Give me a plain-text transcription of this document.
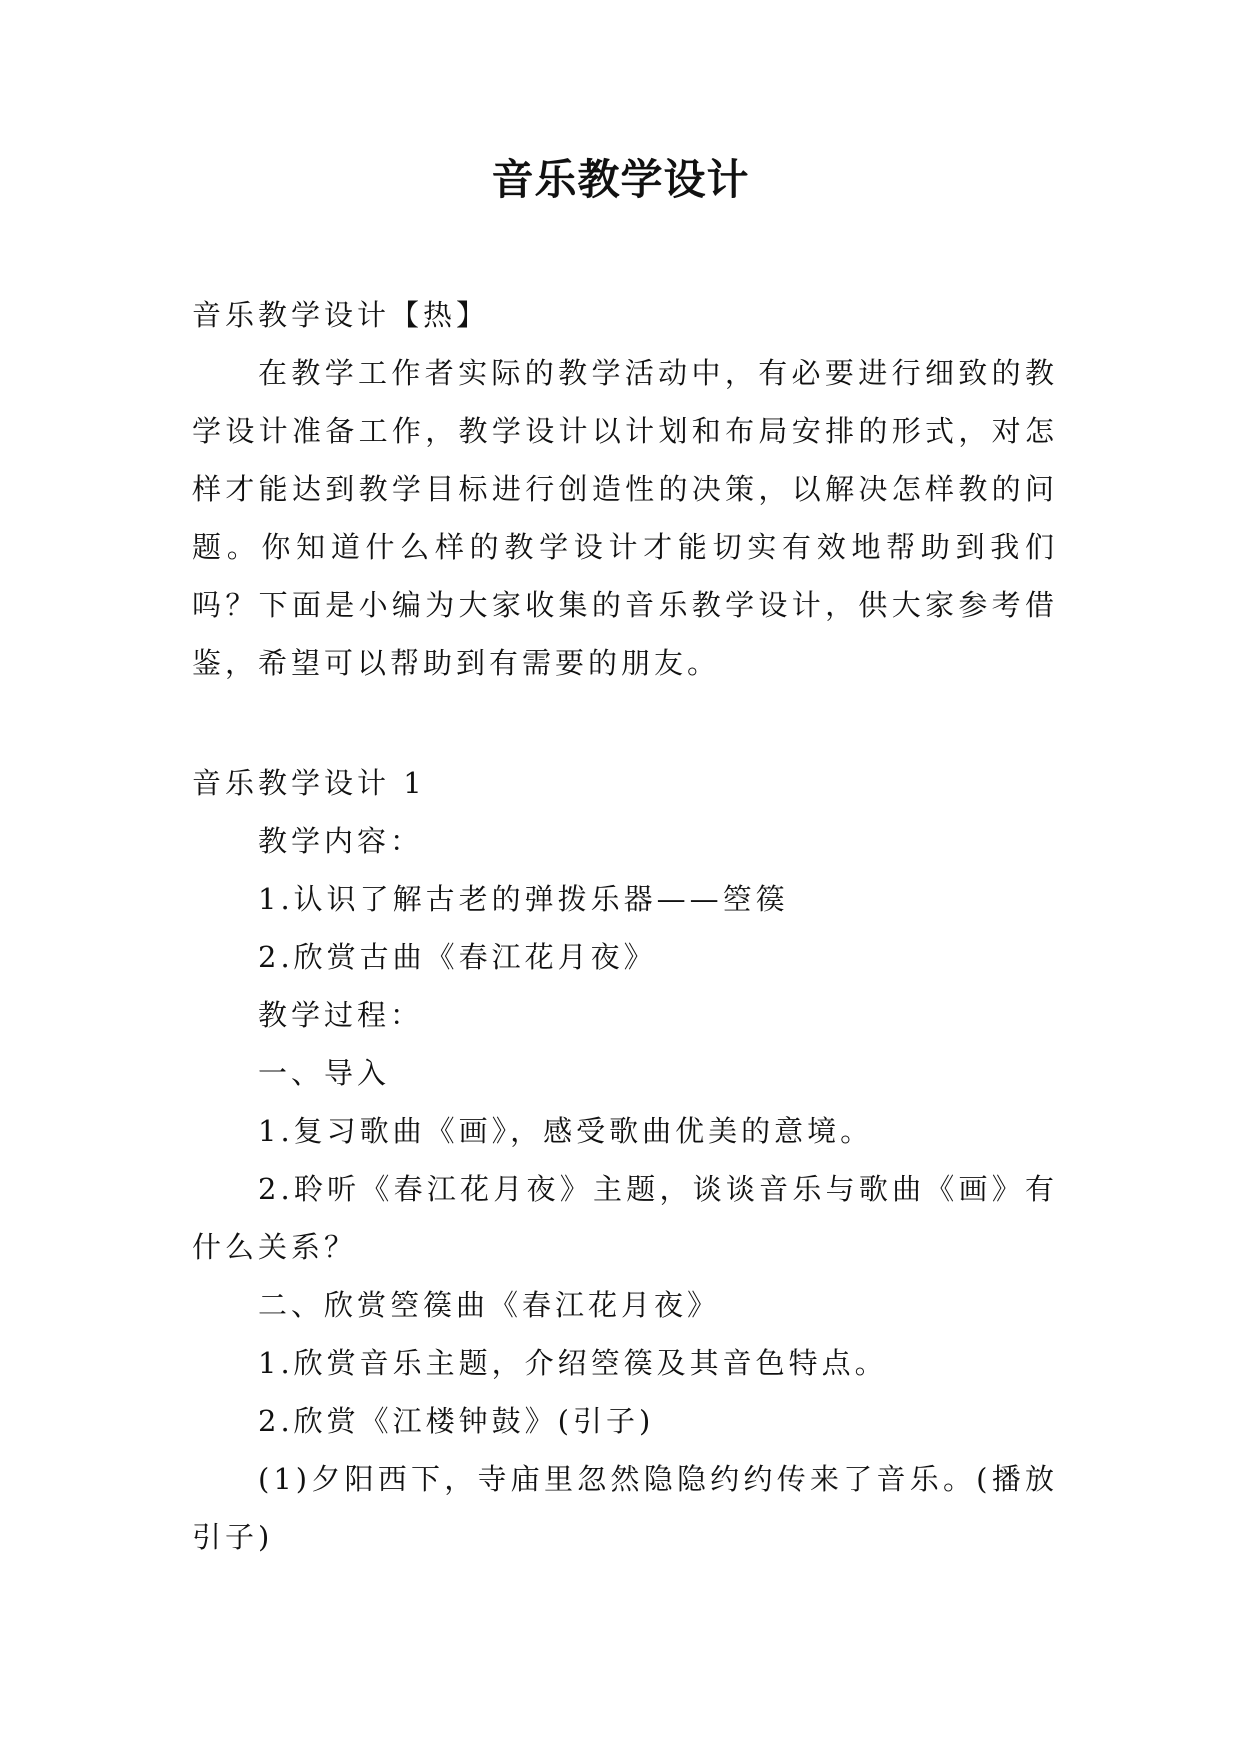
音乐教学设计

音乐教学设计【热】

在教学工作者实际的教学活动中，有必要进行细致的教学设计准备工作，教学设计以计划和布局安排的形式，对怎样才能达到教学目标进行创造性的决策，以解决怎样教的问题。你知道什么样的教学设计才能切实有效地帮助到我们吗？下面是小编为大家收集的音乐教学设计，供大家参考借鉴，希望可以帮助到有需要的朋友。

音乐教学设计 1

教学内容：

1.认识了解古老的弹拨乐器——箜篌

2.欣赏古曲《春江花月夜》

教学过程：

一、导入

1.复习歌曲《画》，感受歌曲优美的意境。

2.聆听《春江花月夜》主题，谈谈音乐与歌曲《画》有什么关系？

二、欣赏箜篌曲《春江花月夜》

1.欣赏音乐主题，介绍箜篌及其音色特点。

2.欣赏《江楼钟鼓》(引子)

(1)夕阳西下，寺庙里忽然隐隐约约传来了音乐。(播放引子)
